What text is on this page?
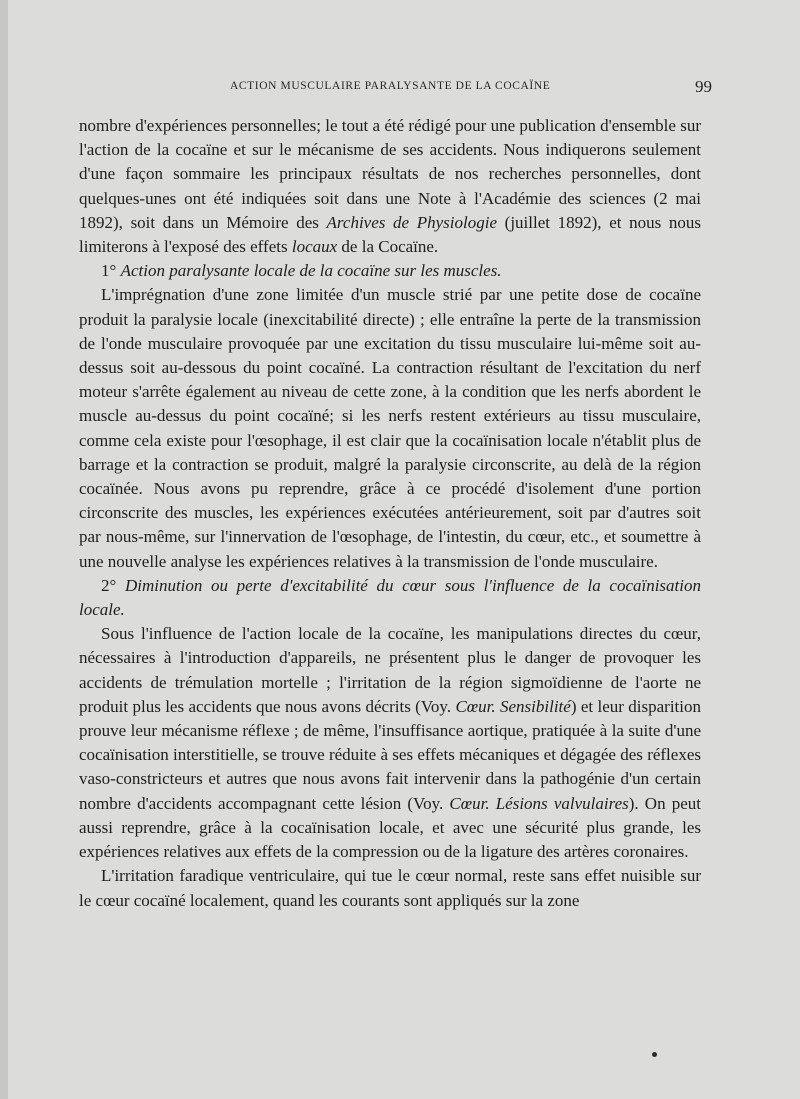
ACTION MUSCULAIRE PARALYSANTE DE LA COCAÏNE	99

nombre d'expériences personnelles; le tout a été rédigé pour une publication d'ensemble sur l'action de la cocaïne et sur le mécanisme de ses accidents. Nous indiquerons seulement d'une façon sommaire les principaux résultats de nos recherches personnelles, dont quelques-unes ont été indiquées soit dans une Note à l'Académie des sciences (2 mai 1892), soit dans un Mémoire des Archives de Physiologie (juillet 1892), et nous nous limiterons à l'exposé des effets locaux de la Cocaïne.

1° Action paralysante locale de la cocaïne sur les muscles.

L'imprégnation d'une zone limitée d'un muscle strié par une petite dose de cocaïne produit la paralysie locale (inexcitabilité directe) ; elle entraîne la perte de la transmission de l'onde musculaire provoquée par une excitation du tissu musculaire lui-même soit au-dessus soit au-dessous du point cocaïné. La contraction résultant de l'excitation du nerf moteur s'arrête également au niveau de cette zone, à la condition que les nerfs abordent le muscle au-dessus du point cocaïné; si les nerfs restent extérieurs au tissu musculaire, comme cela existe pour l'œsophage, il est clair que la cocaïnisation locale n'établit plus de barrage et la contraction se produit, malgré la paralysie circonscrite, au delà de la région cocaïnée. Nous avons pu reprendre, grâce à ce procédé d'isolement d'une portion circonscrite des muscles, les expériences exécutées antérieurement, soit par d'autres soit par nous-même, sur l'innervation de l'œsophage, de l'intestin, du cœur, etc., et soumettre à une nouvelle analyse les expériences relatives à la transmission de l'onde musculaire.

2° Diminution ou perte d'excitabilité du cœur sous l'influence de la cocaïnisation locale.

Sous l'influence de l'action locale de la cocaïne, les manipulations directes du cœur, nécessaires à l'introduction d'appareils, ne présentent plus le danger de provoquer les accidents de trémulation mortelle ; l'irritation de la région sigmoïdienne de l'aorte ne produit plus les accidents que nous avons décrits (Voy. Cœur. Sensibilité) et leur disparition prouve leur mécanisme réflexe ; de même, l'insuffisance aortique, pratiquée à la suite d'une cocaïnisation interstitielle, se trouve réduite à ses effets mécaniques et dégagée des réflexes vaso-constricteurs et autres que nous avons fait intervenir dans la pathogénie d'un certain nombre d'accidents accompagnant cette lésion (Voy. Cœur. Lésions valvulaires). On peut aussi reprendre, grâce à la cocaïnisation locale, et avec une sécurité plus grande, les expériences relatives aux effets de la compression ou de la ligature des artères coronaires.

L'irritation faradique ventriculaire, qui tue le cœur normal, reste sans effet nuisible sur le cœur cocaïné localement, quand les courants sont appliqués sur la zone
